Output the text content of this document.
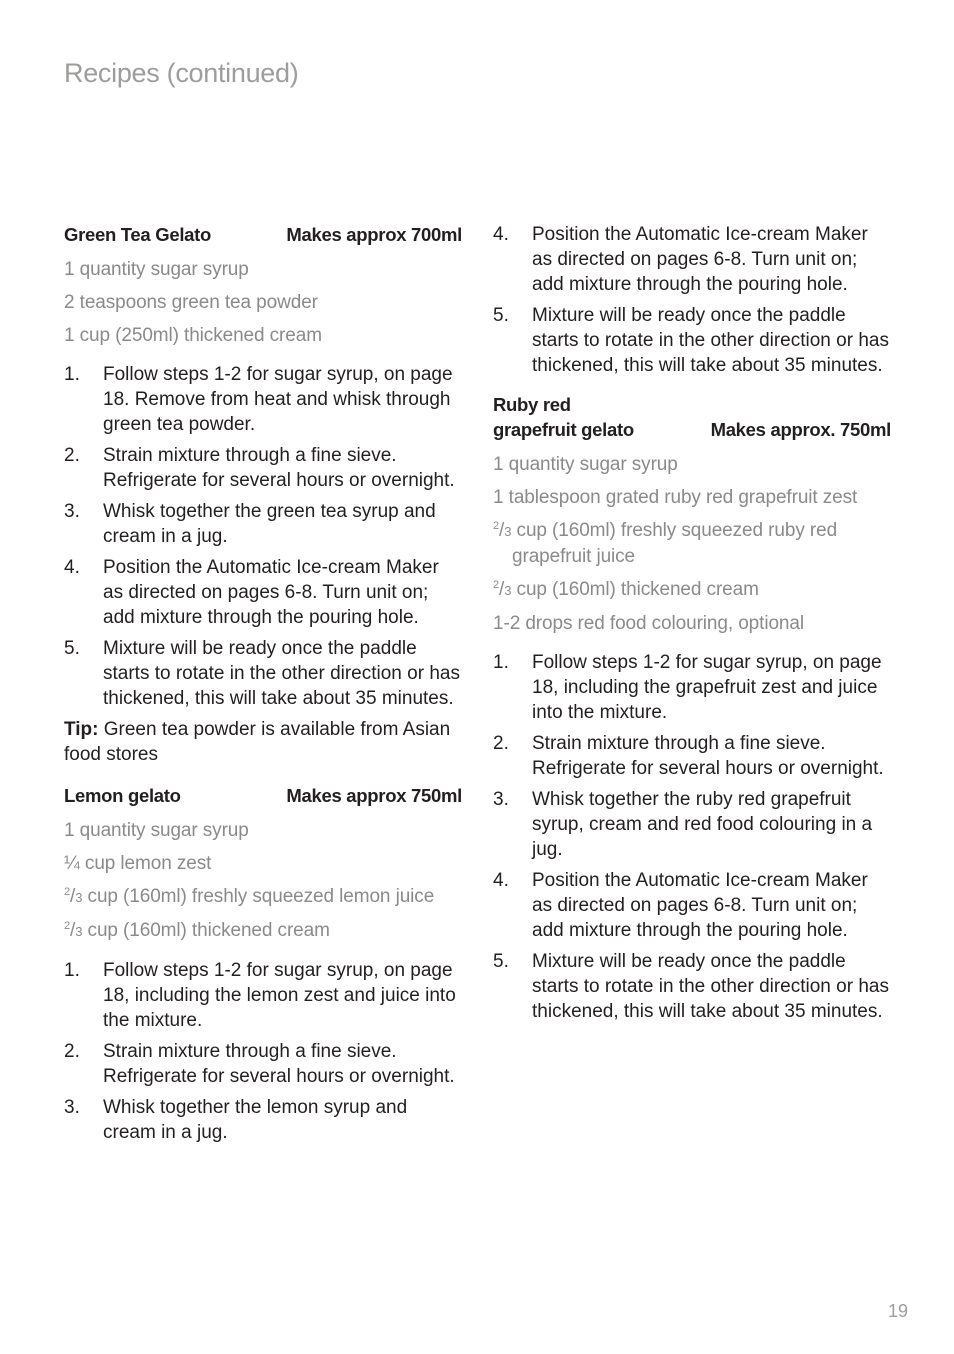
Recipes (continued)
Green Tea Gelato	Makes approx 700ml
1 quantity sugar syrup
2 teaspoons green tea powder
1 cup (250ml) thickened cream
1.	Follow steps 1-2 for sugar syrup, on page 18. Remove from heat and whisk through green tea powder.
2.	Strain mixture through a fine sieve. Refrigerate for several hours or overnight.
3.	Whisk together the green tea syrup and cream in a jug.
4.	Position the Automatic Ice-cream Maker as directed on pages 6-8. Turn unit on; add mixture through the pouring hole.
5.	Mixture will be ready once the paddle starts to rotate in the other direction or has thickened, this will take about 35 minutes.
Tip: Green tea powder is available from Asian food stores
Lemon gelato	Makes approx 750ml
1 quantity sugar syrup
¼ cup lemon zest
$^2$/3 cup (160ml) freshly squeezed lemon juice
$^2$/3 cup (160ml) thickened cream
1.	Follow steps 1-2 for sugar syrup, on page 18, including the lemon zest and juice into the mixture.
2.	Strain mixture through a fine sieve. Refrigerate for several hours or overnight.
3.	Whisk together the lemon syrup and cream in a jug.
4.	Position the Automatic Ice-cream Maker as directed on pages 6-8. Turn unit on; add mixture through the pouring hole.
5.	Mixture will be ready once the paddle starts to rotate in the other direction or has thickened, this will take about 35 minutes.
Ruby red
grapefruit gelato	Makes approx. 750ml
1 quantity sugar syrup
1 tablespoon grated ruby red grapefruit zest
$^2$/3 cup (160ml) freshly squeezed ruby red grapefruit juice
$^2$/3 cup (160ml) thickened cream
1-2 drops red food colouring, optional
1.	Follow steps 1-2 for sugar syrup, on page 18, including the grapefruit zest and juice into the mixture.
2.	Strain mixture through a fine sieve. Refrigerate for several hours or overnight.
3.	Whisk together the ruby red grapefruit syrup, cream and red food colouring in a jug.
4.	Position the Automatic Ice-cream Maker as directed on pages 6-8. Turn unit on; add mixture through the pouring hole.
5.	Mixture will be ready once the paddle starts to rotate in the other direction or has thickened, this will take about 35 minutes.
19
